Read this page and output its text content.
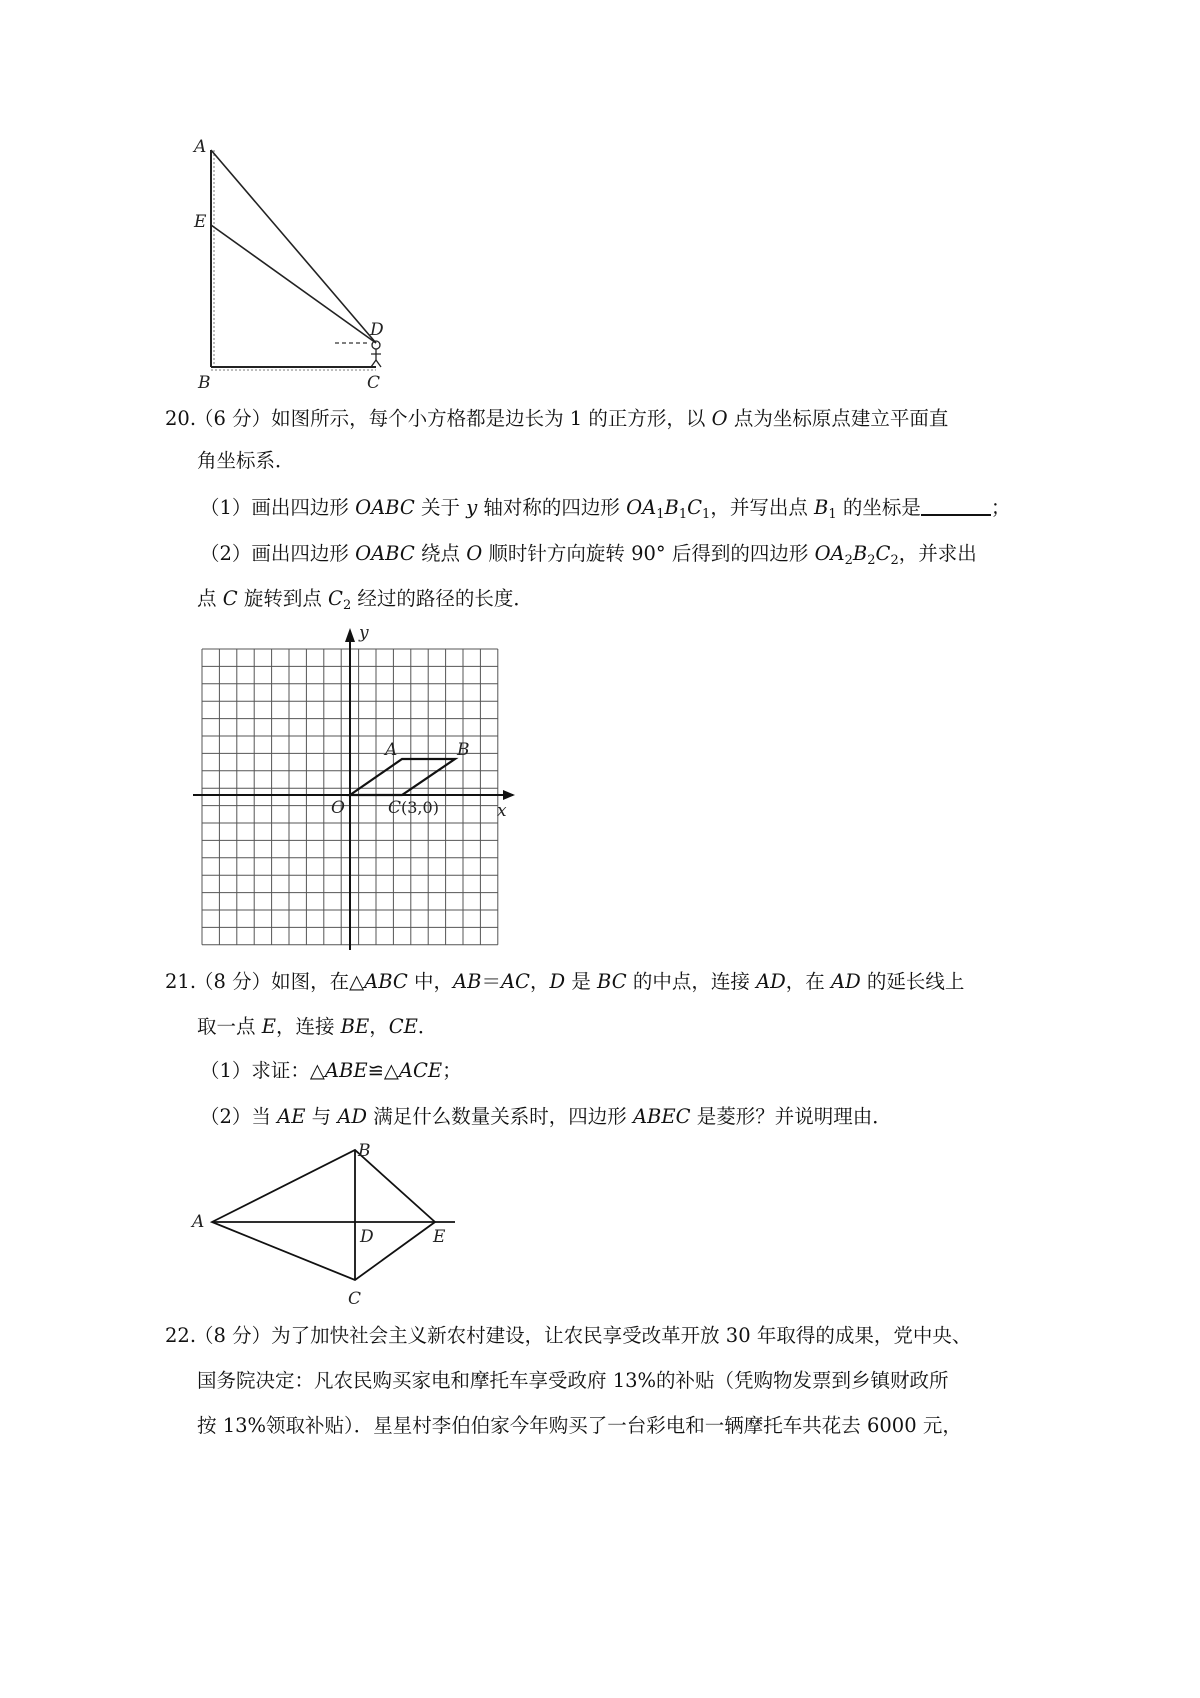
A
E
D
B	C
20.
（6 分）如图所示，每个小方格都是边长为 1 的正方形，以 O 点为坐标原点建立平面直
角坐标系．
（1）画出四边形 OABC 关于 y 轴对称的四边形 $OA_1B_1C_1$，并写出点 $B_1$ 的坐标是	；
（2）画出四边形 OABC 绕点 O 顺时针方向旋转 90° 后得到的四边形 $OA_2B_2C_2$，并求出
点 C 旋转到点 $C_2$ 经过的路径的长度．
y
x
O
A	B
C (3,0)
21.
（8 分）如图，在△ABC 中，AB＝AC，D 是 BC 的中点，连接 AD，在 AD 的延长线上
取一点 E，连接 BE，CE．
（1）求证：△ABE≌△ACE；
（2）当 AE 与 AD 满足什么数量关系时，四边形 ABEC 是菱形？并说明理由．
A
B
C
D	E
22.
（8 分）为了加快社会主义新农村建设，让农民享受改革开放 30 年取得的成果，党中央、
国务院决定：凡农民购买家电和摩托车享受政府 13%的补贴（凭购物发票到乡镇财政所
按 13%领取补贴）．星星村李伯伯家今年购买了一台彩电和一辆摩托车共花去 6000 元，
